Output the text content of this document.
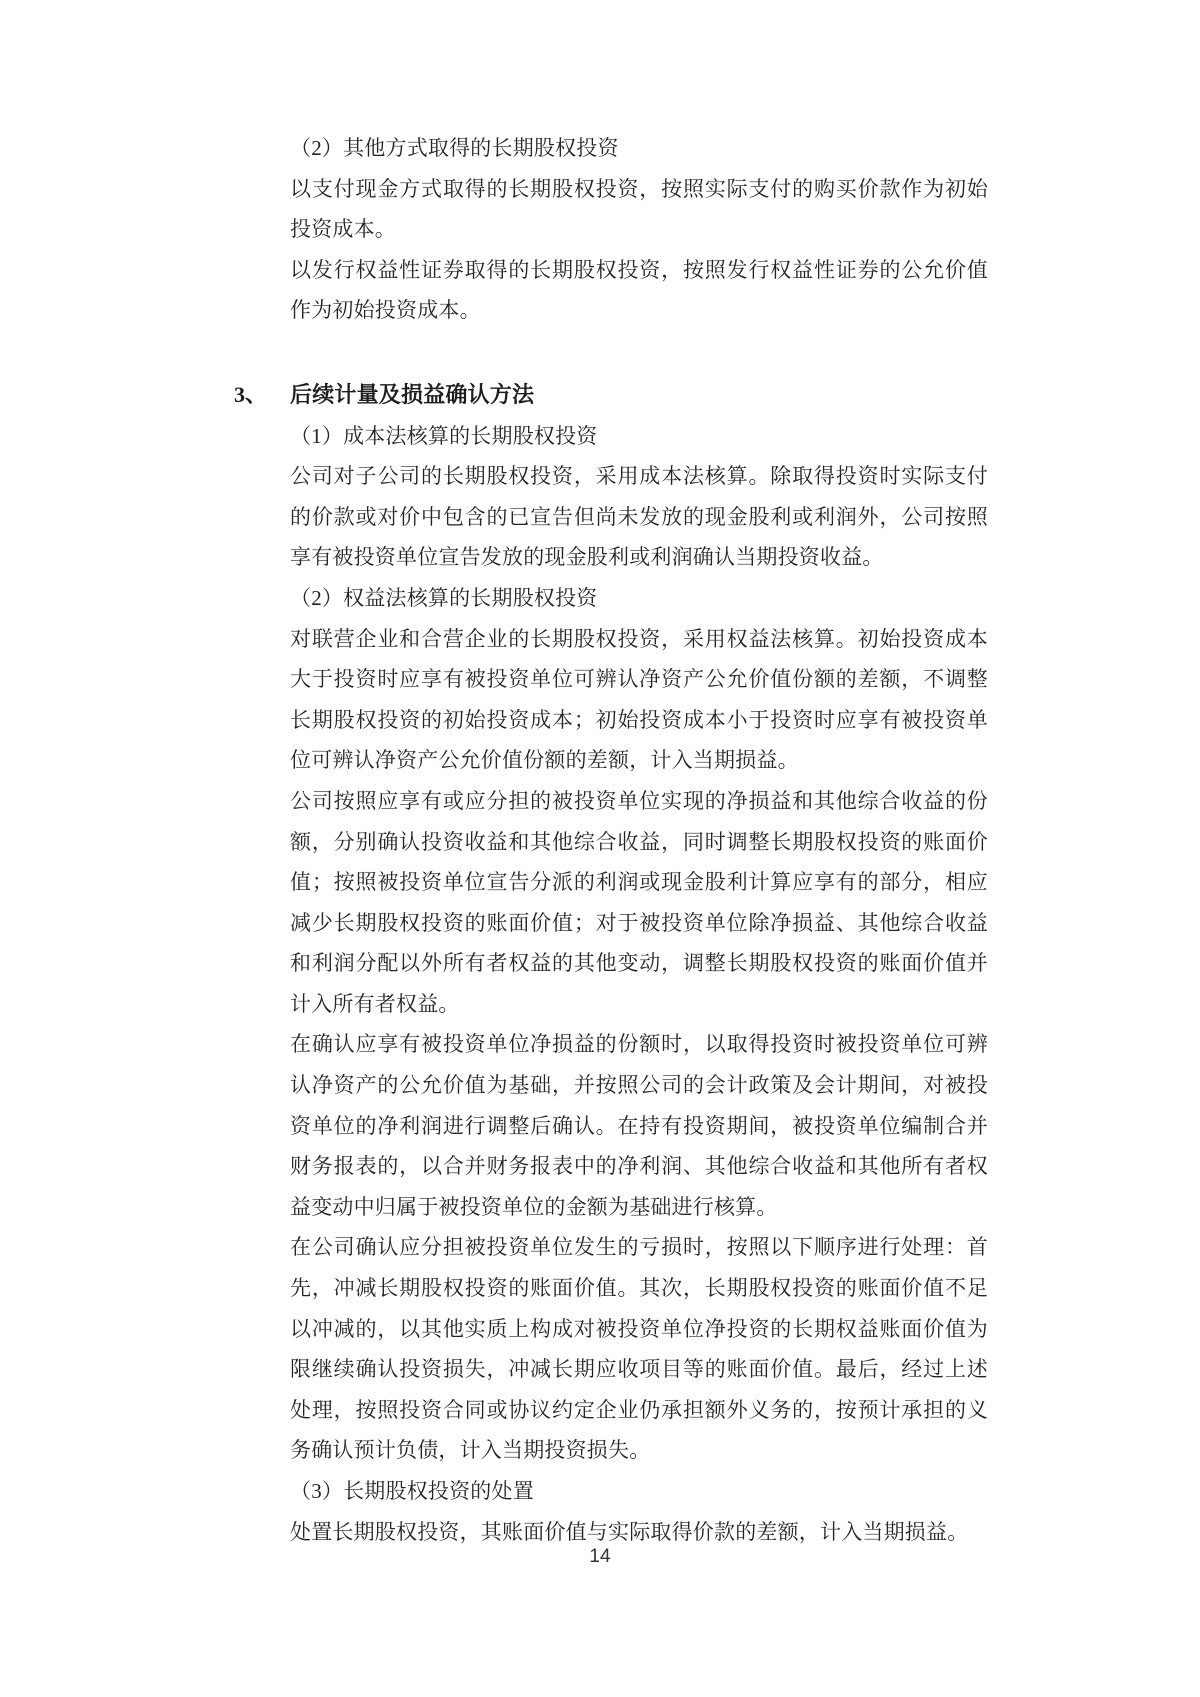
（2）其他方式取得的长期股权投资

以支付现金方式取得的长期股权投资，按照实际支付的购买价款作为初始投资成本。

以发行权益性证券取得的长期股权投资，按照发行权益性证券的公允价值作为初始投资成本。

3、	后续计量及损益确认方法

（1）成本法核算的长期股权投资

公司对子公司的长期股权投资，采用成本法核算。除取得投资时实际支付的价款或对价中包含的已宣告但尚未发放的现金股利或利润外，公司按照享有被投资单位宣告发放的现金股利或利润确认当期投资收益。

（2）权益法核算的长期股权投资

对联营企业和合营企业的长期股权投资，采用权益法核算。初始投资成本大于投资时应享有被投资单位可辨认净资产公允价值份额的差额，不调整长期股权投资的初始投资成本；初始投资成本小于投资时应享有被投资单位可辨认净资产公允价值份额的差额，计入当期损益。

公司按照应享有或应分担的被投资单位实现的净损益和其他综合收益的份额，分别确认投资收益和其他综合收益，同时调整长期股权投资的账面价值；按照被投资单位宣告分派的利润或现金股利计算应享有的部分，相应减少长期股权投资的账面价值；对于被投资单位除净损益、其他综合收益和利润分配以外所有者权益的其他变动，调整长期股权投资的账面价值并计入所有者权益。

在确认应享有被投资单位净损益的份额时，以取得投资时被投资单位可辨认净资产的公允价值为基础，并按照公司的会计政策及会计期间，对被投资单位的净利润进行调整后确认。在持有投资期间，被投资单位编制合并财务报表的，以合并财务报表中的净利润、其他综合收益和其他所有者权益变动中归属于被投资单位的金额为基础进行核算。

在公司确认应分担被投资单位发生的亏损时，按照以下顺序进行处理：首先，冲减长期股权投资的账面价值。其次，长期股权投资的账面价值不足以冲减的，以其他实质上构成对被投资单位净投资的长期权益账面价值为限继续确认投资损失，冲减长期应收项目等的账面价值。最后，经过上述处理，按照投资合同或协议约定企业仍承担额外义务的，按预计承担的义务确认预计负债，计入当期投资损失。

（3）长期股权投资的处置

处置长期股权投资，其账面价值与实际取得价款的差额，计入当期损益。

14
